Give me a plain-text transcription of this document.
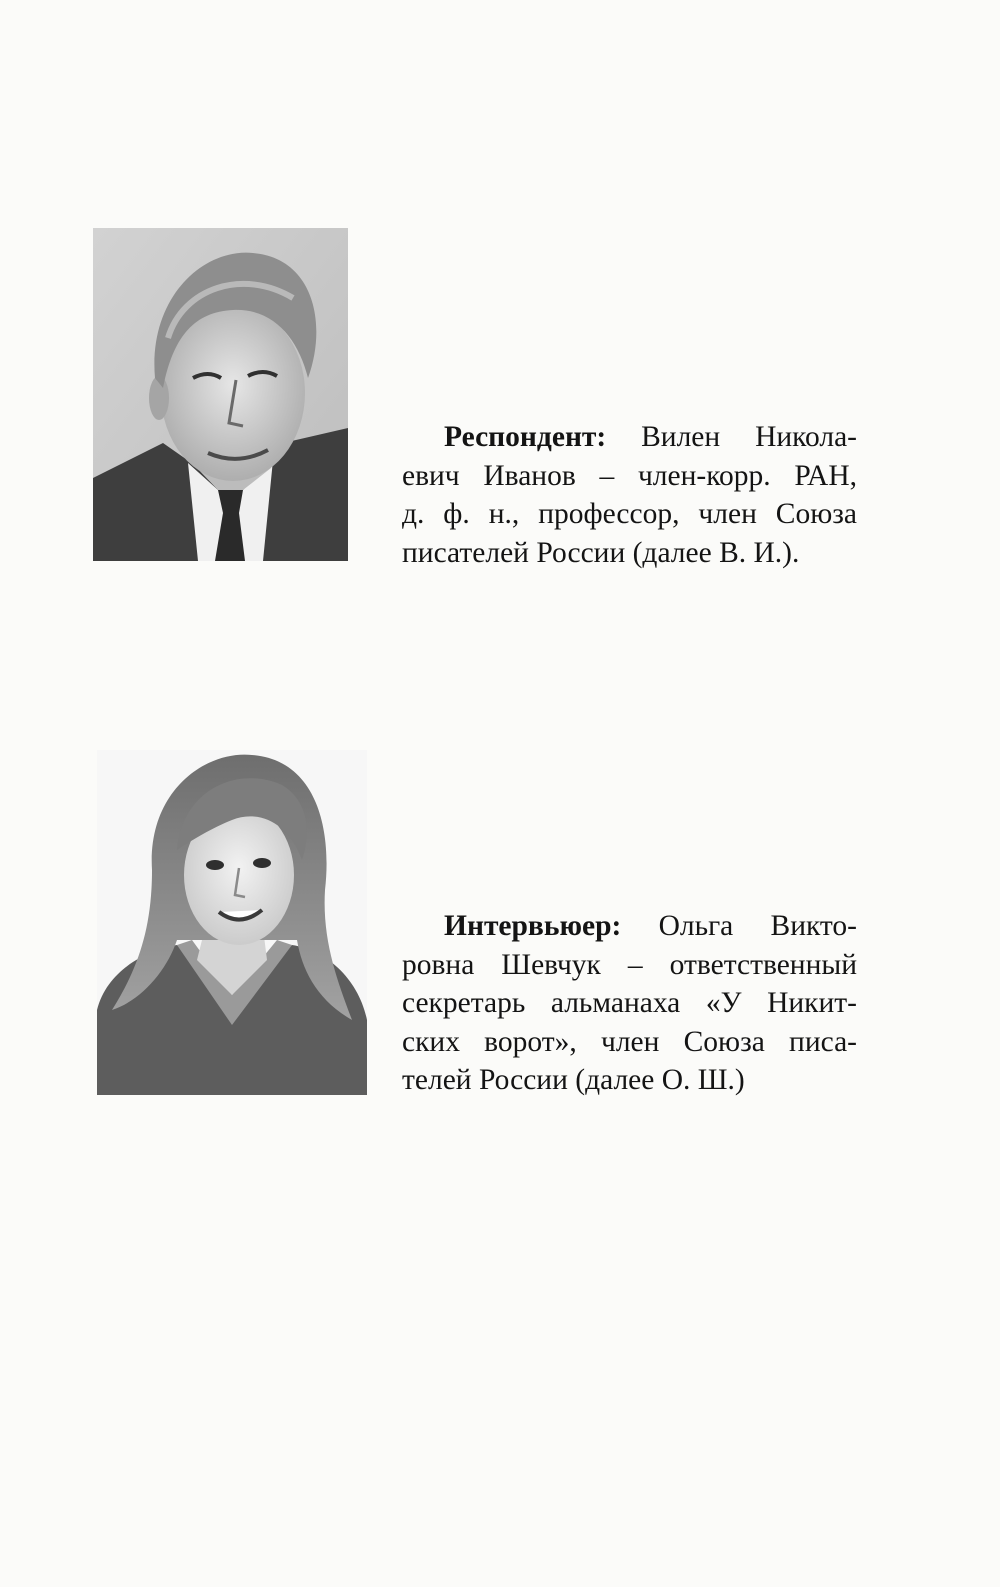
Респондент: Вилен Никола-
евич Иванов – член-корр. РАН,
д. ф. н., профессор, член Союза
писателей России (далее В. И.).
Интервьюер: Ольга Викто-
ровна Шевчук – ответственный
секретарь альманаха «У Никит-
ских ворот», член Союза писа-
телей России (далее О. Ш.)
